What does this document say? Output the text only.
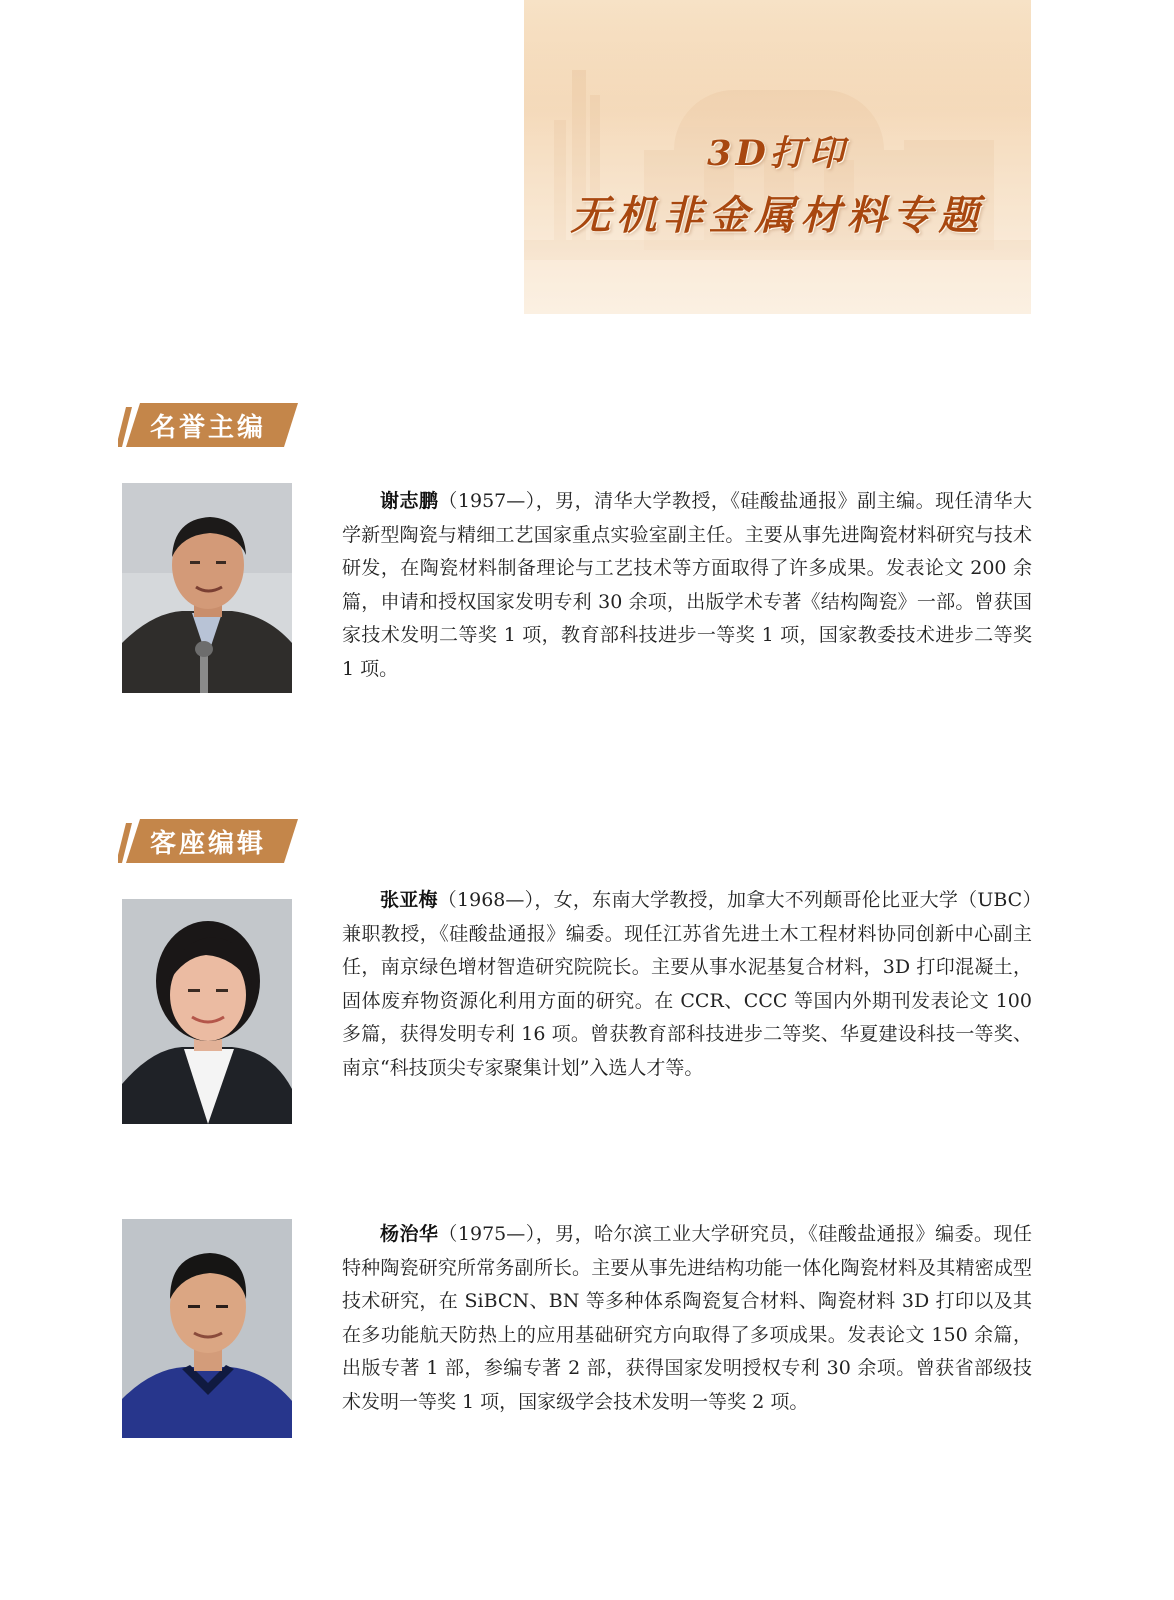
3D打印
无机非金属材料专题
名誉主编

谢志鹏（1957—），男，清华大学教授，《硅酸盐通报》副主编。现任清华大学新型陶瓷与精细工艺国家重点实验室副主任。主要从事先进陶瓷材料研究与技术研发，在陶瓷材料制备理论与工艺技术等方面取得了许多成果。发表论文 200 余篇，申请和授权国家发明专利 30 余项，出版学术专著《结构陶瓷》一部。曾获国家技术发明二等奖 1 项，教育部科技进步一等奖 1 项，国家教委技术进步二等奖 1 项。

客座编辑

张亚梅（1968—），女，东南大学教授，加拿大不列颠哥伦比亚大学（UBC）兼职教授，《硅酸盐通报》编委。现任江苏省先进土木工程材料协同创新中心副主任，南京绿色增材智造研究院院长。主要从事水泥基复合材料，3D 打印混凝土，固体废弃物资源化利用方面的研究。在 CCR、CCC 等国内外期刊发表论文 100 多篇，获得发明专利 16 项。曾获教育部科技进步二等奖、华夏建设科技一等奖、南京“科技顶尖专家聚集计划”入选人才等。

杨治华（1975—），男，哈尔滨工业大学研究员，《硅酸盐通报》编委。现任特种陶瓷研究所常务副所长。主要从事先进结构功能一体化陶瓷材料及其精密成型技术研究，在 SiBCN、BN 等多种体系陶瓷复合材料、陶瓷材料 3D 打印以及其在多功能航天防热上的应用基础研究方向取得了多项成果。发表论文 150 余篇，出版专著 1 部，参编专著 2 部，获得国家发明授权专利 30 余项。曾获省部级技术发明一等奖 1 项，国家级学会技术发明一等奖 2 项。
